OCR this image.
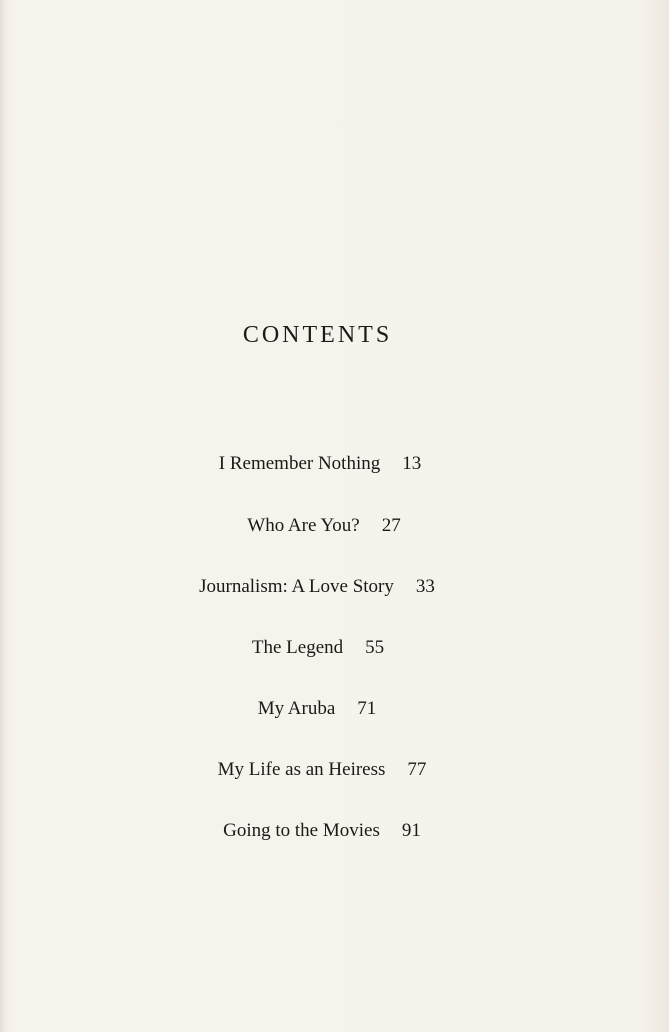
CONTENTS
I Remember Nothing 13
Who Are You? 27
Journalism: A Love Story 33
The Legend 55
My Aruba 71
My Life as an Heiress 77
Going to the Movies 91
